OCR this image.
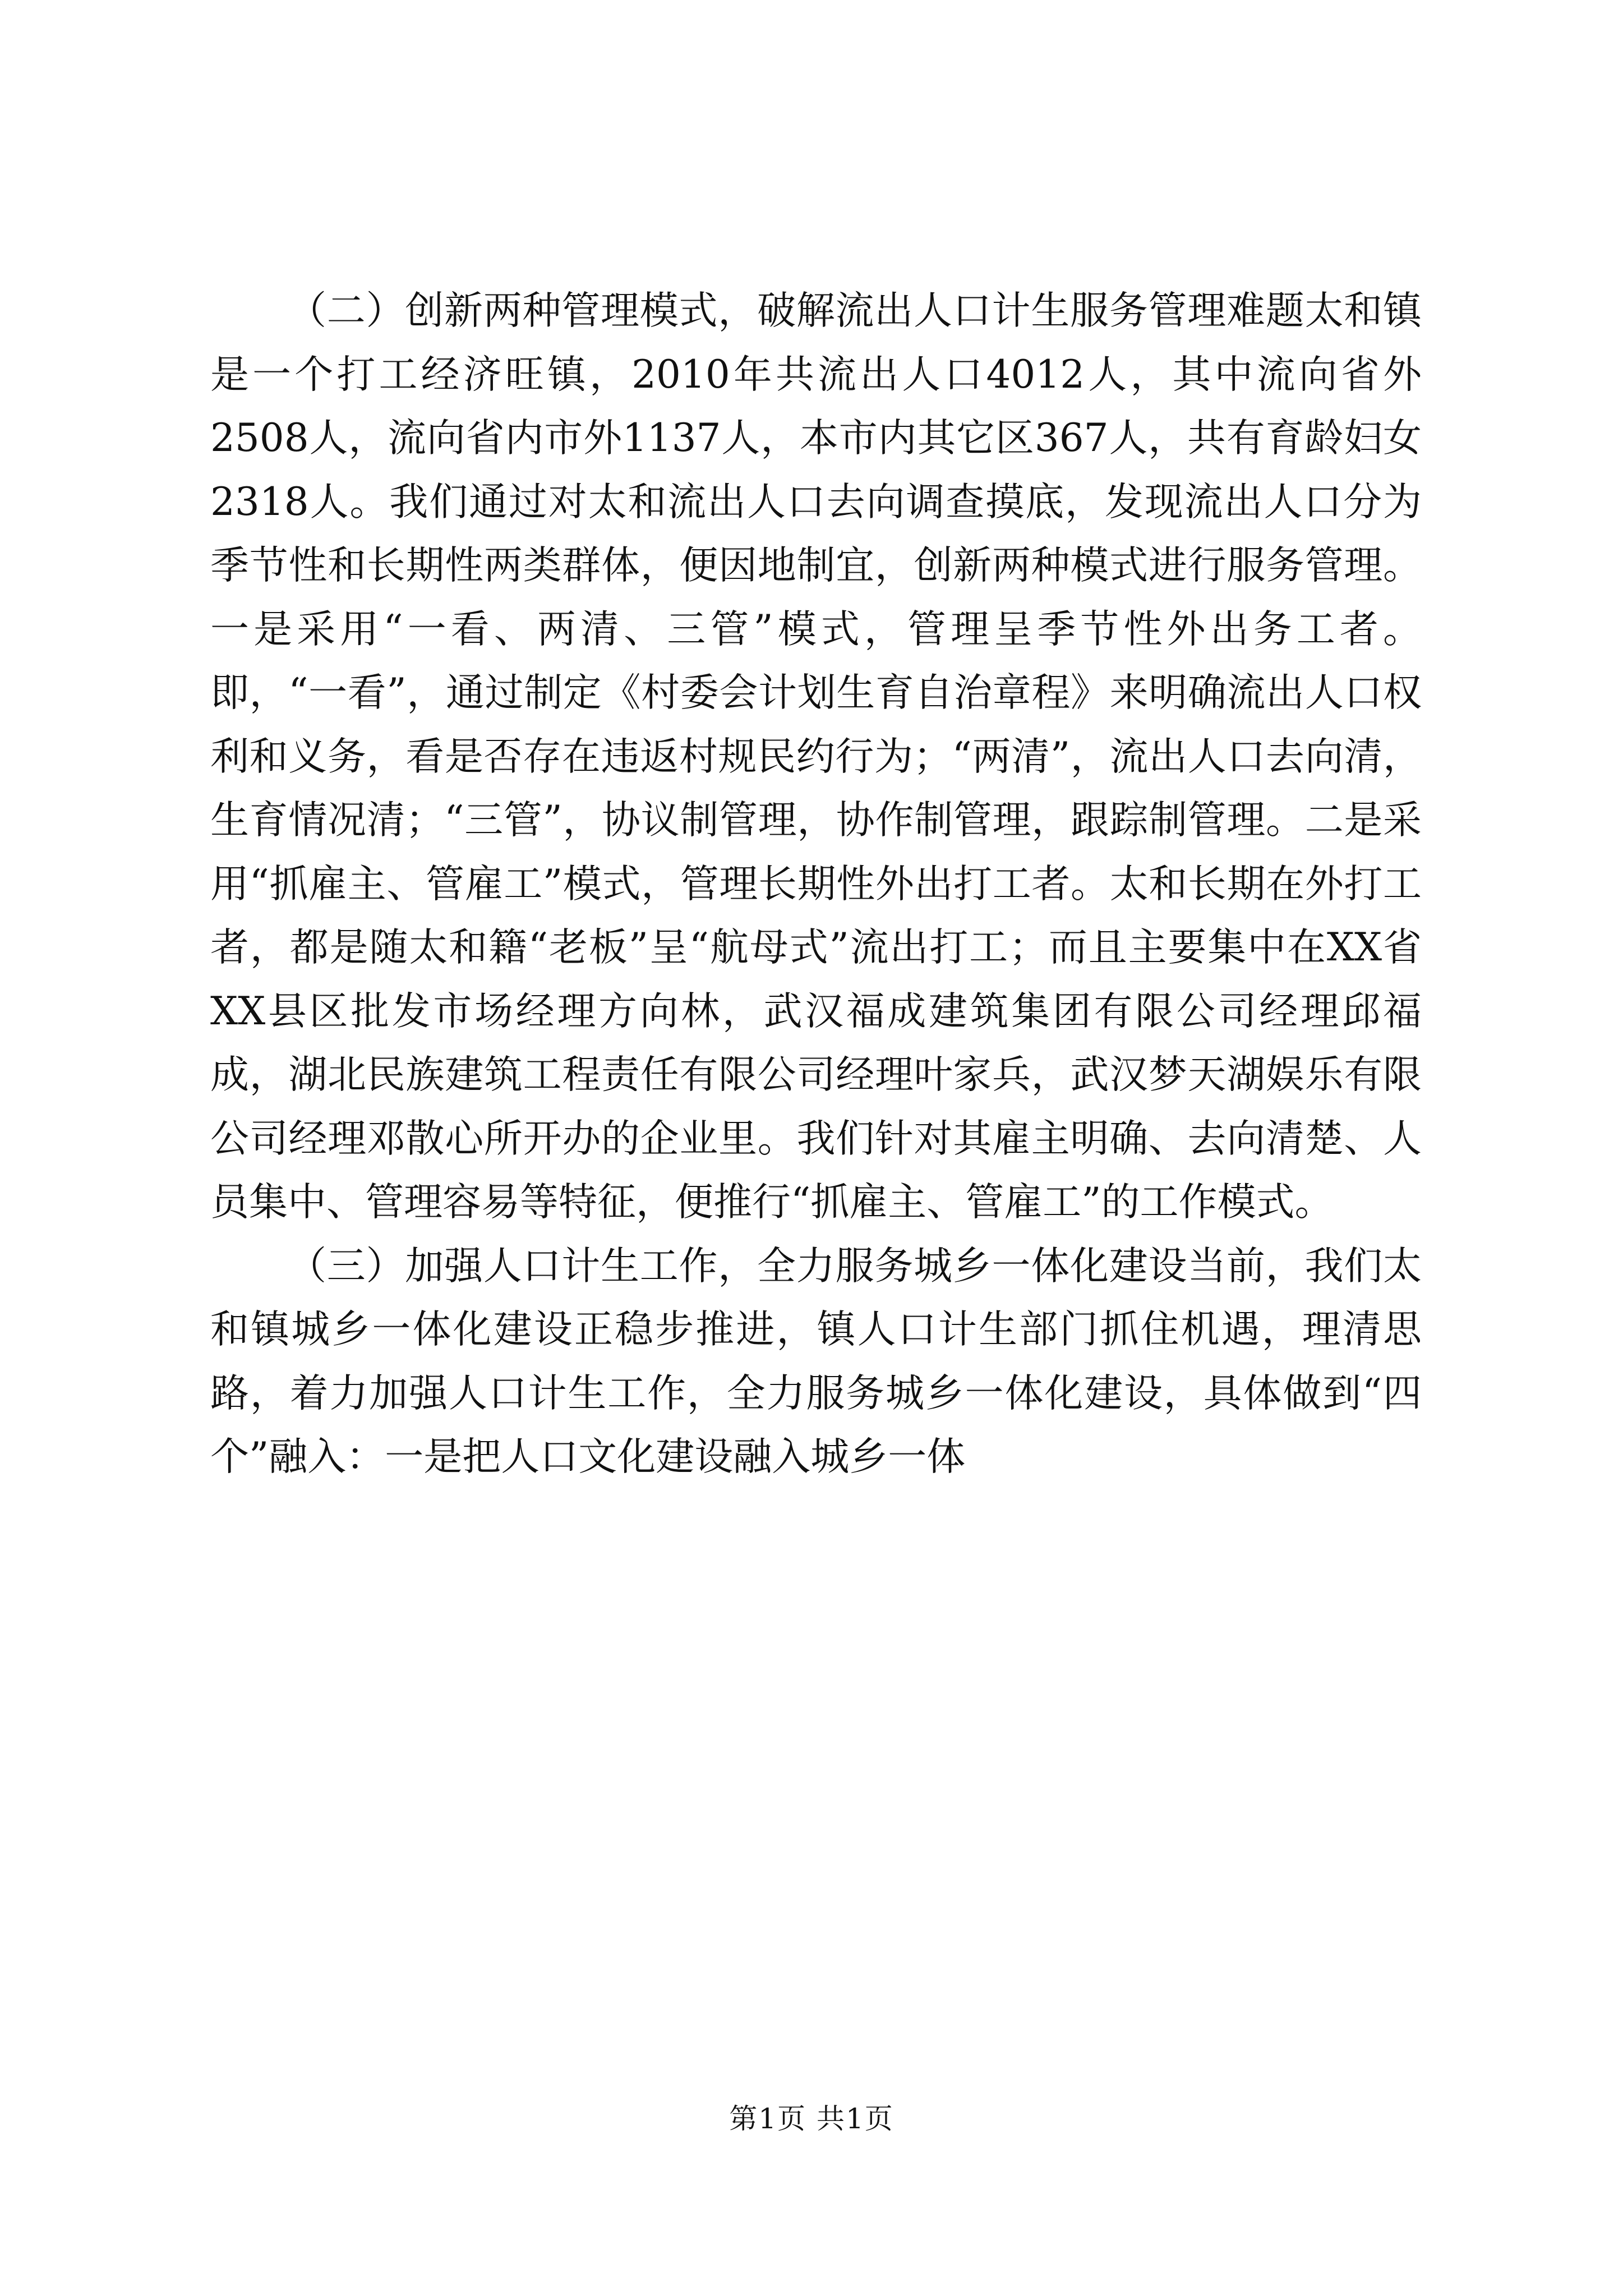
（二）创新两种管理模式，破解流出人口计生服务管理难题太和镇是一个打工经济旺镇，2010年共流出人口4012人，其中流向省外2508人，流向省内市外1137人，本市内其它区367人，共有育龄妇女2318人。我们通过对太和流出人口去向调查摸底，发现流出人口分为季节性和长期性两类群体，便因地制宜，创新两种模式进行服务管理。一是采用“一看、两清、三管”模式，管理呈季节性外出务工者。即，“一看”，通过制定《村委会计划生育自治章程》来明确流出人口权利和义务，看是否存在违返村规民约行为；“两清”，流出人口去向清，生育情况清；“三管”，协议制管理，协作制管理，跟踪制管理。二是采用“抓雇主、管雇工”模式，管理长期性外出打工者。太和长期在外打工者，都是随太和籍“老板”呈“航母式”流出打工；而且主要集中在XX省XX县区批发市场经理方向林，武汉福成建筑集团有限公司经理邱福成，湖北民族建筑工程责任有限公司经理叶家兵，武汉梦天湖娱乐有限公司经理邓散心所开办的企业里。我们针对其雇主明确、去向清楚、人员集中、管理容易等特征，便推行“抓雇主、管雇工”的工作模式。

（三）加强人口计生工作，全力服务城乡一体化建设当前，我们太和镇城乡一体化建设正稳步推进，镇人口计生部门抓住机遇，理清思路，着力加强人口计生工作，全力服务城乡一体化建设，具体做到“四个”融入：一是把人口文化建设融入城乡一体

第1页 共1页
